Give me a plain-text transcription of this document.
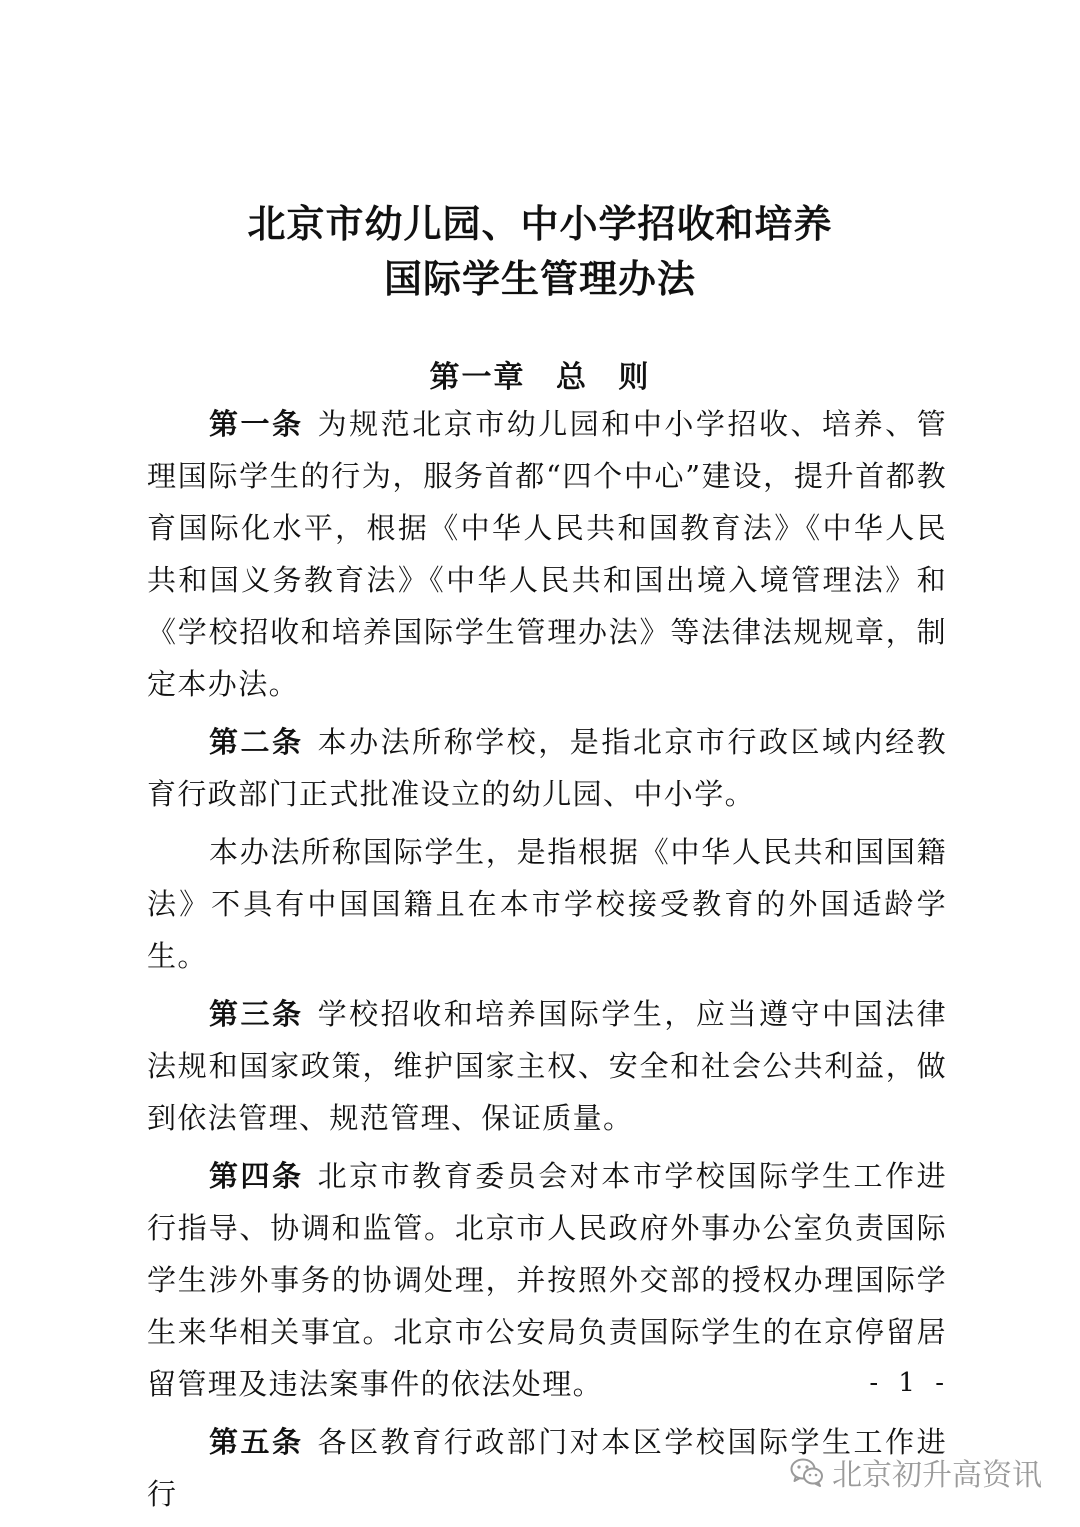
北京市幼儿园、中小学招收和培养
国际学生管理办法
第一章 总 则

第一条 为规范北京市幼儿园和中小学招收、培养、管理国际学生的行为，服务首都“四个中心”建设，提升首都教育国际化水平，根据《中华人民共和国教育法》《中华人民共和国义务教育法》《中华人民共和国出境入境管理法》和《学校招收和培养国际学生管理办法》等法律法规规章，制定本办法。

第二条 本办法所称学校，是指北京市行政区域内经教育行政部门正式批准设立的幼儿园、中小学。

本办法所称国际学生，是指根据《中华人民共和国国籍法》不具有中国国籍且在本市学校接受教育的外国适龄学生。

第三条 学校招收和培养国际学生，应当遵守中国法律法规和国家政策，维护国家主权、安全和社会公共利益，做到依法管理、规范管理、保证质量。

第四条 北京市教育委员会对本市学校国际学生工作进行指导、协调和监管。北京市人民政府外事办公室负责国际学生涉外事务的协调处理，并按照外交部的授权办理国际学生来华相关事宜。北京市公安局负责国际学生的在京停留居留管理及违法案事件的依法处理。

第五条 各区教育行政部门对本区学校国际学生工作进行

- 1 -
北京初升高资讯
